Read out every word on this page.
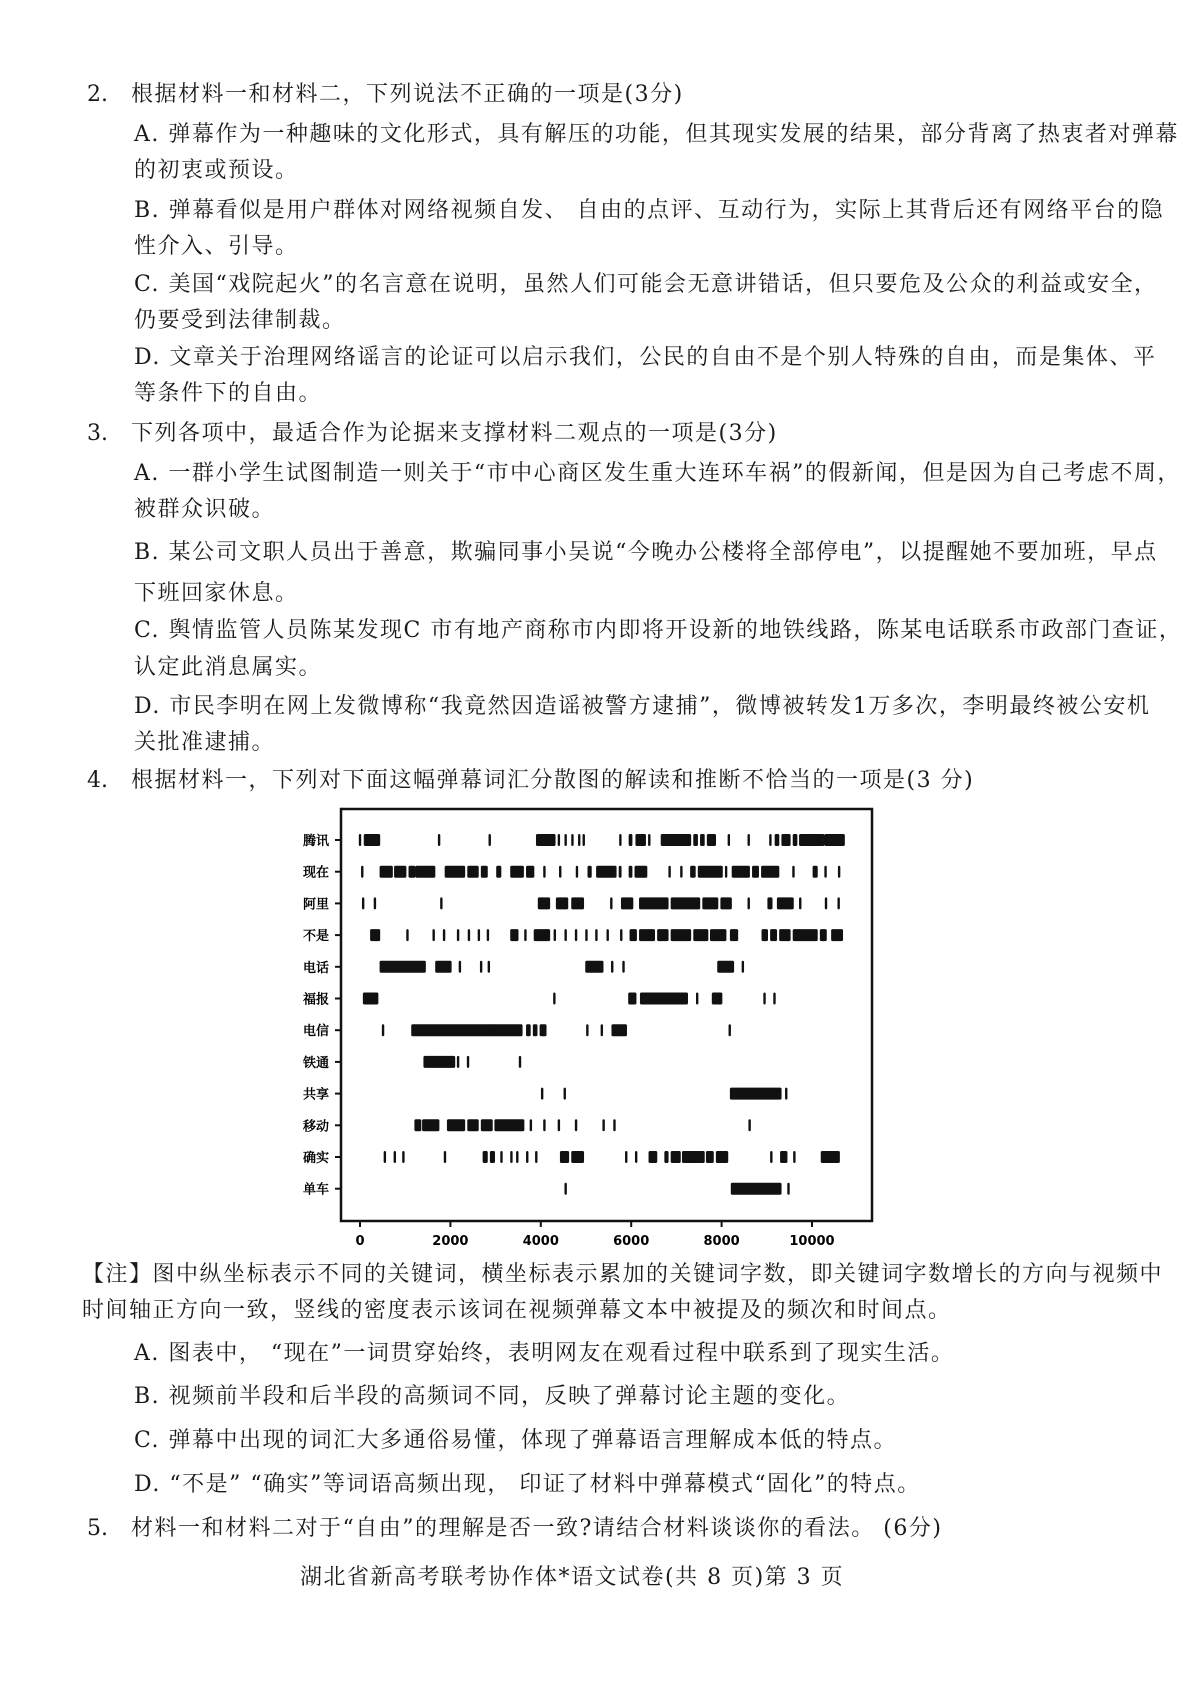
2. 根据材料一和材料二，下列说法不正确的一项是(3分)
A. 弹幕作为一种趣味的文化形式，具有解压的功能，但其现实发展的结果，部分背离了热衷者对弹幕
的初衷或预设。
B. 弹幕看似是用户群体对网络视频自发、 自由的点评、互动行为，实际上其背后还有网络平台的隐
性介入、引导。
C. 美国“戏院起火”的名言意在说明，虽然人们可能会无意讲错话，但只要危及公众的利益或安全，
仍要受到法律制裁。
D. 文章关于治理网络谣言的论证可以启示我们，公民的自由不是个别人特殊的自由，而是集体、平
等条件下的自由。
3. 下列各项中，最适合作为论据来支撑材料二观点的一项是(3分)
A. 一群小学生试图制造一则关于“市中心商区发生重大连环车祸”的假新闻，但是因为自己考虑不周，
被群众识破。
B. 某公司文职人员出于善意，欺骗同事小吴说“今晚办公楼将全部停电”，以提醒她不要加班，早点
下班回家休息。
C. 舆情监管人员陈某发现C 市有地产商称市内即将开设新的地铁线路，陈某电话联系市政部门查证，
认定此消息属实。
D. 市民李明在网上发微博称“我竟然因造谣被警方逮捕”，微博被转发1万多次，李明最终被公安机
关批准逮捕。
4. 根据材料一，下列对下面这幅弹幕词汇分散图的解读和推断不恰当的一项是(3 分)
腾讯
现在
阿里
不是
电话
福报
电信
铁通
共享
移动
确实
单车
0	2000	4000	6000	8000	10000
【注】图中纵坐标表示不同的关键词，横坐标表示累加的关键词字数，即关键词字数增长的方向与视频中
时间轴正方向一致，竖线的密度表示该词在视频弹幕文本中被提及的频次和时间点。
A. 图表中， “现在”一词贯穿始终，表明网友在观看过程中联系到了现实生活。
B. 视频前半段和后半段的高频词不同，反映了弹幕讨论主题的变化。
C. 弹幕中出现的词汇大多通俗易懂，体现了弹幕语言理解成本低的特点。
D. “不是” “确实”等词语高频出现， 印证了材料中弹幕模式“固化”的特点。
5. 材料一和材料二对于“自由”的理解是否一致?请结合材料谈谈你的看法。 (6分)
湖北省新高考联考协作体*语文试卷(共 8 页)第 3 页
